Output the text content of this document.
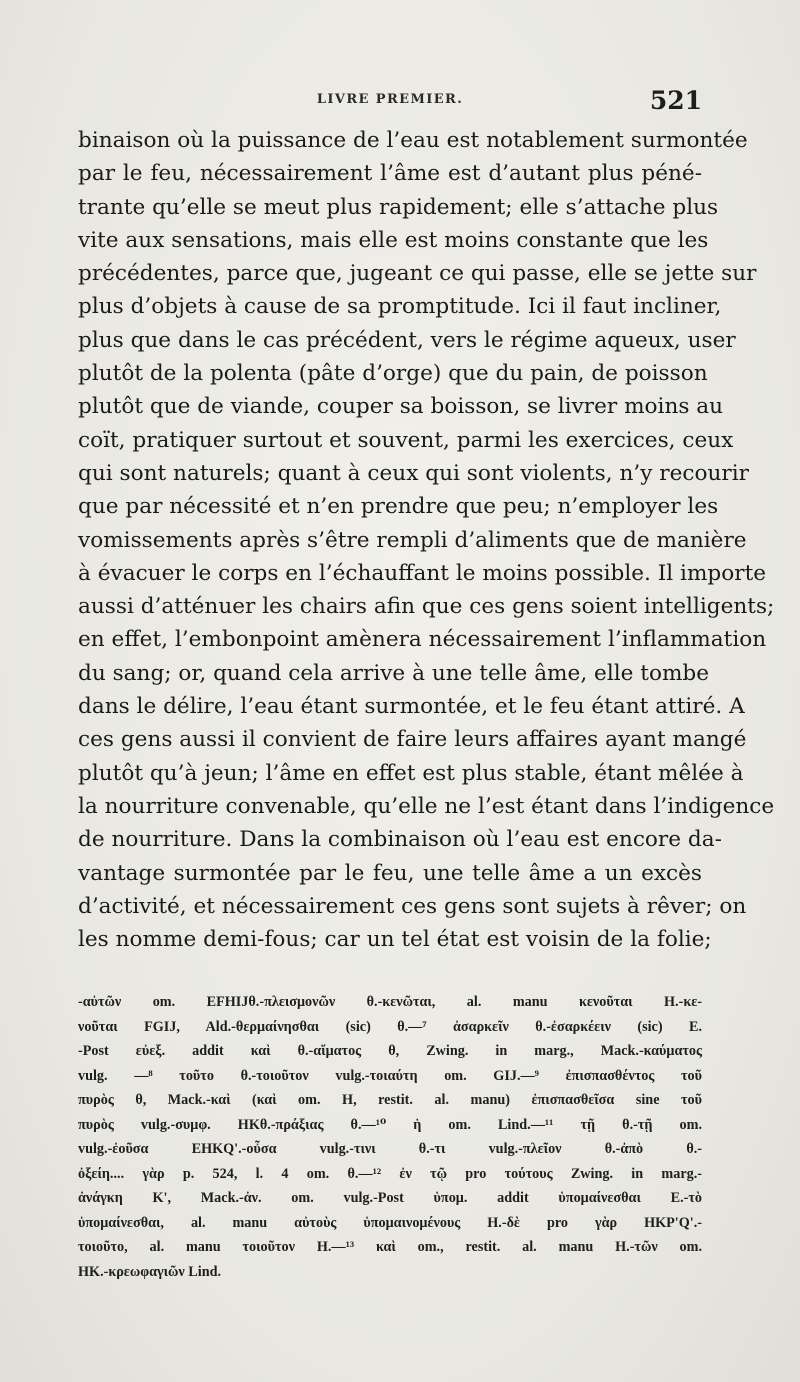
LIVRE PREMIER.	521
binaison où la puissance de l’eau est notablement surmontée
par le feu, nécessairement l’âme est d’autant plus péné-
trante qu’elle se meut plus rapidement; elle s’attache plus
vite aux sensations, mais elle est moins constante que les
précédentes, parce que, jugeant ce qui passe, elle se jette sur
plus d’objets à cause de sa promptitude. Ici il faut incliner,
plus que dans le cas précédent, vers le régime aqueux, user
plutôt de la polenta (pâte d’orge) que du pain, de poisson
plutôt que de viande, couper sa boisson, se livrer moins au
coït, pratiquer surtout et souvent, parmi les exercices, ceux
qui sont naturels; quant à ceux qui sont violents, n’y recourir
que par nécessité et n’en prendre que peu; n’employer les
vomissements après s’être rempli d’aliments que de manière
à évacuer le corps en l’échauffant le moins possible. Il importe
aussi d’atténuer les chairs afin que ces gens soient intelligents;
en effet, l’embonpoint amènera nécessairement l’inflammation
du sang; or, quand cela arrive à une telle âme, elle tombe
dans le délire, l’eau étant surmontée, et le feu étant attiré. A
ces gens aussi il convient de faire leurs affaires ayant mangé
plutôt qu’à jeun; l’âme en effet est plus stable, étant mêlée à
la nourriture convenable, qu’elle ne l’est étant dans l’indigence
de nourriture. Dans la combinaison où l’eau est encore da-
vantage surmontée par le feu, une telle âme a un excès
d’activité, et nécessairement ces gens sont sujets à rêver; on
les nomme demi-fous; car un tel état est voisin de la folie;
-αὐτῶν om. EFHIJθ.-πλεισμονῶν θ.-κενῶται, al. manu κενοῦται H.-κε-
νοῦται FGIJ, Ald.-θερμαίνησθαι (sic) θ.—⁷ ἀσαρκεῖν θ.-ἐσαρκέειν (sic) E.
-Post εὐεξ. addit καὶ θ.-αἵματος θ, Zwing. in marg., Mack.-καύματος
vulg. —⁸ τοῦτο θ.-τοιοῦτον vulg.-τοιαύτη om. GIJ.—⁹ ἐπισπασθέντος τοῦ
πυρὸς θ, Mack.-καὶ (καὶ om. H, restit. al. manu) ἐπισπασθεῖσα sine τοῦ
πυρὸς vulg.-συμφ. HKθ.-πράξιας θ.—¹⁰ ἡ om. Lind.—¹¹ τῇ θ.-τῇ om.
vulg.-ἐοῦσα EHKQ'.-οὖσα vulg.-τινι θ.-τι vulg.-πλεῖον θ.-ἀπὸ θ.-
ὀξείη.... γὰρ p. 524, l. 4 om. θ.—¹² ἐν τῷ pro τούτους Zwing. in marg.-
ἀνάγκη K', Mack.-ἀν. om. vulg.-Post ὑπομ. addit ὑπομαίνεσθαι E.-τὸ
ὑπομαίνεσθαι, al. manu αὐτοὺς ὑπομαινομένους H.-δὲ pro γὰρ HKP'Q'.-
τοιοῦτο, al. manu τοιοῦτον H.—¹³ καὶ om., restit. al. manu H.-τῶν om.
HK.-κρεωφαγιῶν Lind.
